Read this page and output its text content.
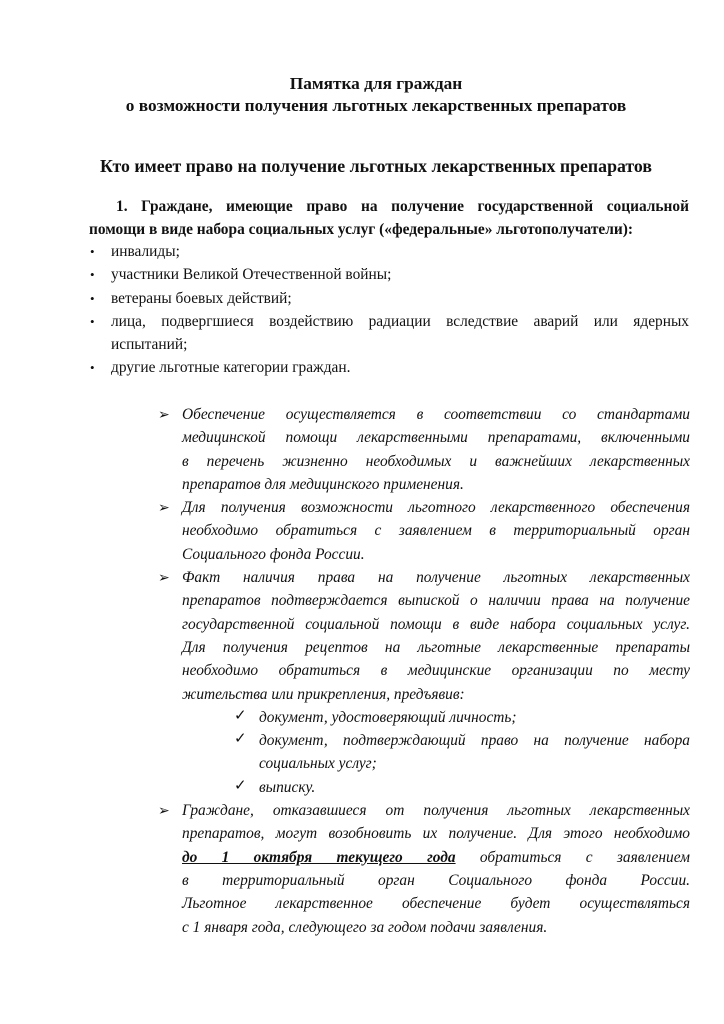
Памятка для граждан
о возможности получения льготных лекарственных препаратов
Кто имеет право на получение льготных лекарственных препаратов
1. Граждане, имеющие право на получение государственной социальной
помощи в виде набора социальных услуг («федеральные» льготополучатели):
• инвалиды;
• участники Великой Отечественной войны;
• ветераны боевых действий;
• лица, подвергшиеся воздействию радиации вследствие аварий или ядерных
испытаний;
• другие льготные категории граждан.
➢ Обеспечение осуществляется в соответствии со стандартами
медицинской помощи лекарственными препаратами, включенными
в перечень жизненно необходимых и важнейших лекарственных
препаратов для медицинского применения.
➢ Для получения возможности льготного лекарственного обеспечения
необходимо обратиться с заявлением в территориальный орган
Социального фонда России.
➢ Факт наличия права на получение льготных лекарственных
препаратов подтверждается выпиской о наличии права на получение
государственной социальной помощи в виде набора социальных услуг.
Для получения рецептов на льготные лекарственные препараты
необходимо обратиться в медицинские организации по месту
жительства или прикрепления, предъявив:
✓ документ, удостоверяющий личность;
✓ документ, подтверждающий право на получение набора
социальных услуг;
✓ выписку.
➢ Граждане, отказавшиеся от получения льготных лекарственных
препаратов, могут возобновить их получение. Для этого необходимо
до 1 октября текущего года обратиться с заявлением
в территориальный орган Социального фонда России.
Льготное лекарственное обеспечение будет осуществляться
с 1 января года, следующего за годом подачи заявления.
